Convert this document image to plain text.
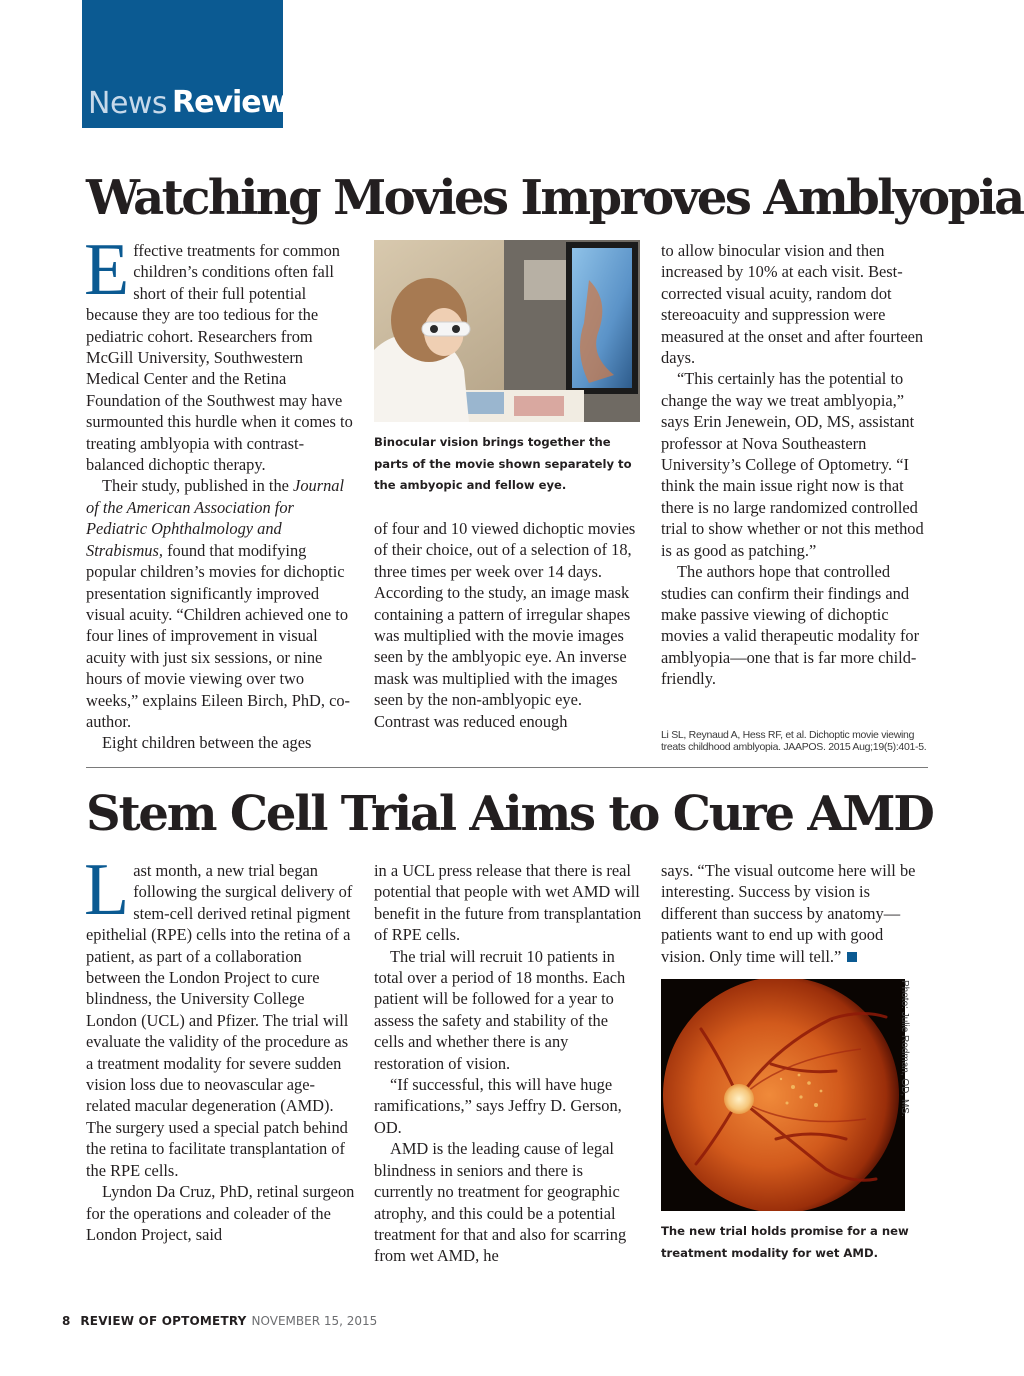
News Review
Watching Movies Improves Amblyopia

Effective treatments for common children’s conditions often fall short of their full potential because they are too tedious for the pediatric cohort. Researchers from McGill University, Southwestern Medical Center and the Retina Foundation of the Southwest may have surmounted this hurdle when it comes to treating amblyopia with contrast-balanced dichoptic therapy.

Their study, published in the Journal of the American Association for Pediatric Ophthalmology and Strabismus, found that modifying popular children’s movies for dichoptic presentation significantly improved visual acuity. “Children achieved one to four lines of improvement in visual acuity with just six sessions, or nine hours of movie viewing over two weeks,” explains Eileen Birch, PhD, co-author.

Eight children between the ages

Binocular vision brings together the parts of the movie shown separately to the ambyopic and fellow eye.

of four and 10 viewed dichoptic movies of their choice, out of a selection of 18, three times per week over 14 days. According to the study, an image mask containing a pattern of irregular shapes was multiplied with the movie images seen by the amblyopic eye. An inverse mask was multiplied with the images seen by the non-amblyopic eye. Contrast was reduced enough

to allow binocular vision and then increased by 10% at each visit. Best-corrected visual acuity, random dot stereoacuity and suppression were measured at the onset and after fourteen days.

“This certainly has the potential to change the way we treat amblyopia,” says Erin Jenewein, OD, MS, assistant professor at Nova Southeastern University’s College of Optometry. “I think the main issue right now is that there is no large randomized controlled trial to show whether or not this method is as good as patching.”

The authors hope that controlled studies can confirm their findings and make passive viewing of dichoptic movies a valid therapeutic modality for amblyopia—one that is far more child-friendly.

Li SL, Reynaud A, Hess RF, et al. Dichoptic movie viewing treats childhood amblyopia. JAAPOS. 2015 Aug;19(5):401-5.
Stem Cell Trial Aims to Cure AMD

Last month, a new trial began following the surgical delivery of stem-cell derived retinal pigment epithelial (RPE) cells into the retina of a patient, as part of a collaboration between the London Project to cure blindness, the University College London (UCL) and Pfizer. The trial will evaluate the validity of the procedure as a treatment modality for severe sudden vision loss due to neovascular age-related macular degeneration (AMD). The surgery used a special patch behind the retina to facilitate transplantation of the RPE cells.

Lyndon Da Cruz, PhD, retinal surgeon for the operations and coleader of the London Project, said

in a UCL press release that there is real potential that people with wet AMD will benefit in the future from transplantation of RPE cells.

The trial will recruit 10 patients in total over a period of 18 months. Each patient will be followed for a year to assess the safety and stability of the cells and whether there is any restoration of vision.

“If successful, this will have huge ramifications,” says Jeffry D. Gerson, OD.

AMD is the leading cause of legal blindness in seniors and there is currently no treatment for geographic atrophy, and this could be a potential treatment for that and also for scarring from wet AMD, he

says. “The visual outcome here will be interesting. Success by vision is different than success by anatomy—patients want to end up with good vision. Only time will tell.”

Photo: Julie Rodman, OD, MS.
The new trial holds promise for a new treatment modality for wet AMD.
8 REVIEW OF OPTOMETRY NOVEMBER 15, 2015
